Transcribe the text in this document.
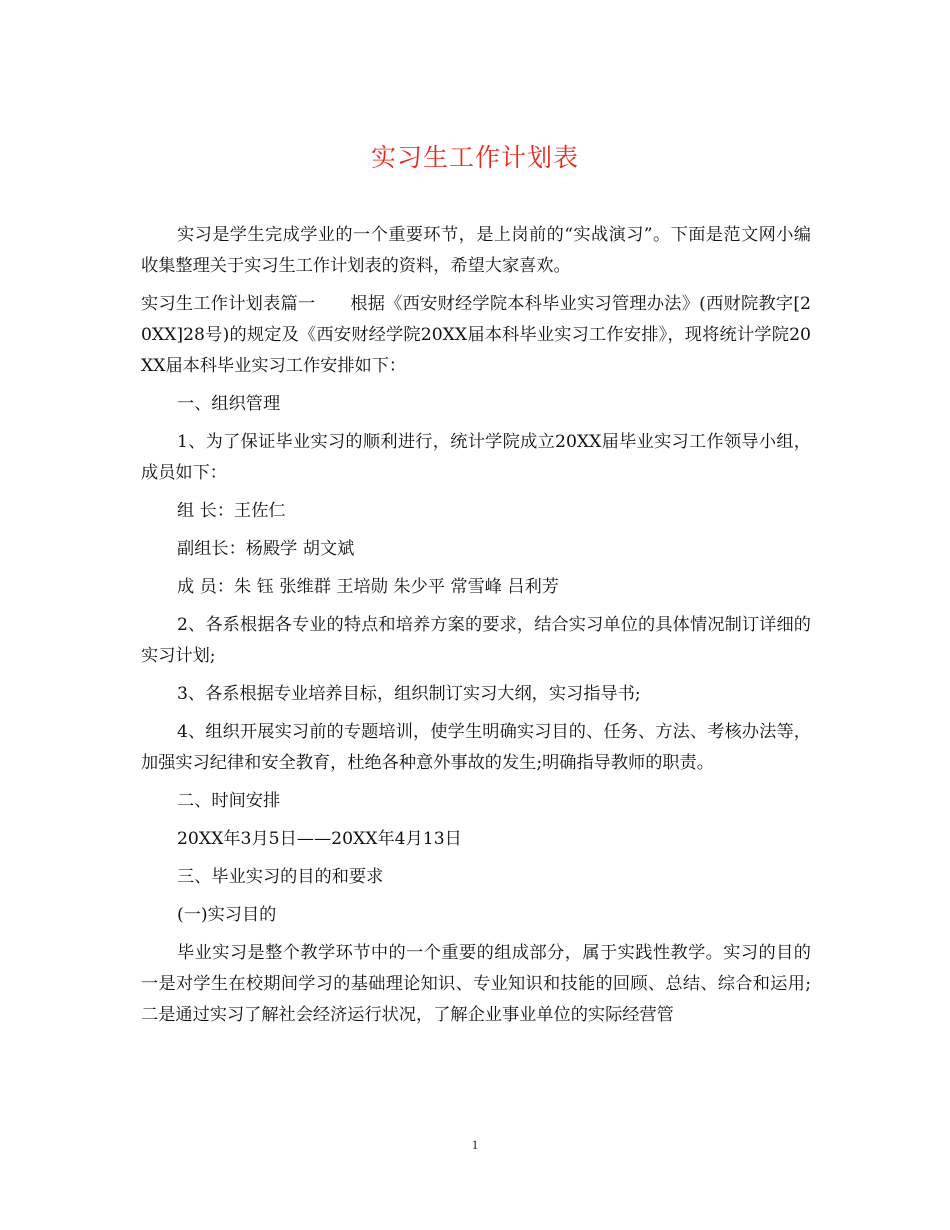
实习生工作计划表

实习是学生完成学业的一个重要环节，是上岗前的“实战演习”。下面是范文网小编收集整理关于实习生工作计划表的资料，希望大家喜欢。

实习生工作计划表篇一　　根据《西安财经学院本科毕业实习管理办法》(西财院教字[20XX]28号)的规定及《西安财经学院20XX届本科毕业实习工作安排》，现将统计学院20XX届本科毕业实习工作安排如下：

一、组织管理

1、为了保证毕业实习的顺利进行，统计学院成立20XX届毕业实习工作领导小组，成员如下：

组 长：王佐仁

副组长：杨殿学 胡文斌

成 员：朱 钰 张维群 王培勋 朱少平 常雪峰 吕利芳

2、各系根据各专业的特点和培养方案的要求，结合实习单位的具体情况制订详细的实习计划;

3、各系根据专业培养目标，组织制订实习大纲，实习指导书;

4、组织开展实习前的专题培训，使学生明确实习目的、任务、方法、考核办法等，加强实习纪律和安全教育，杜绝各种意外事故的发生;明确指导教师的职责。

二、时间安排

20XX年3月5日——20XX年4月13日

三、毕业实习的目的和要求

(一)实习目的

毕业实习是整个教学环节中的一个重要的组成部分，属于实践性教学。实习的目的一是对学生在校期间学习的基础理论知识、专业知识和技能的回顾、总结、综合和运用;二是通过实习了解社会经济运行状况，了解企业事业单位的实际经营管

1
